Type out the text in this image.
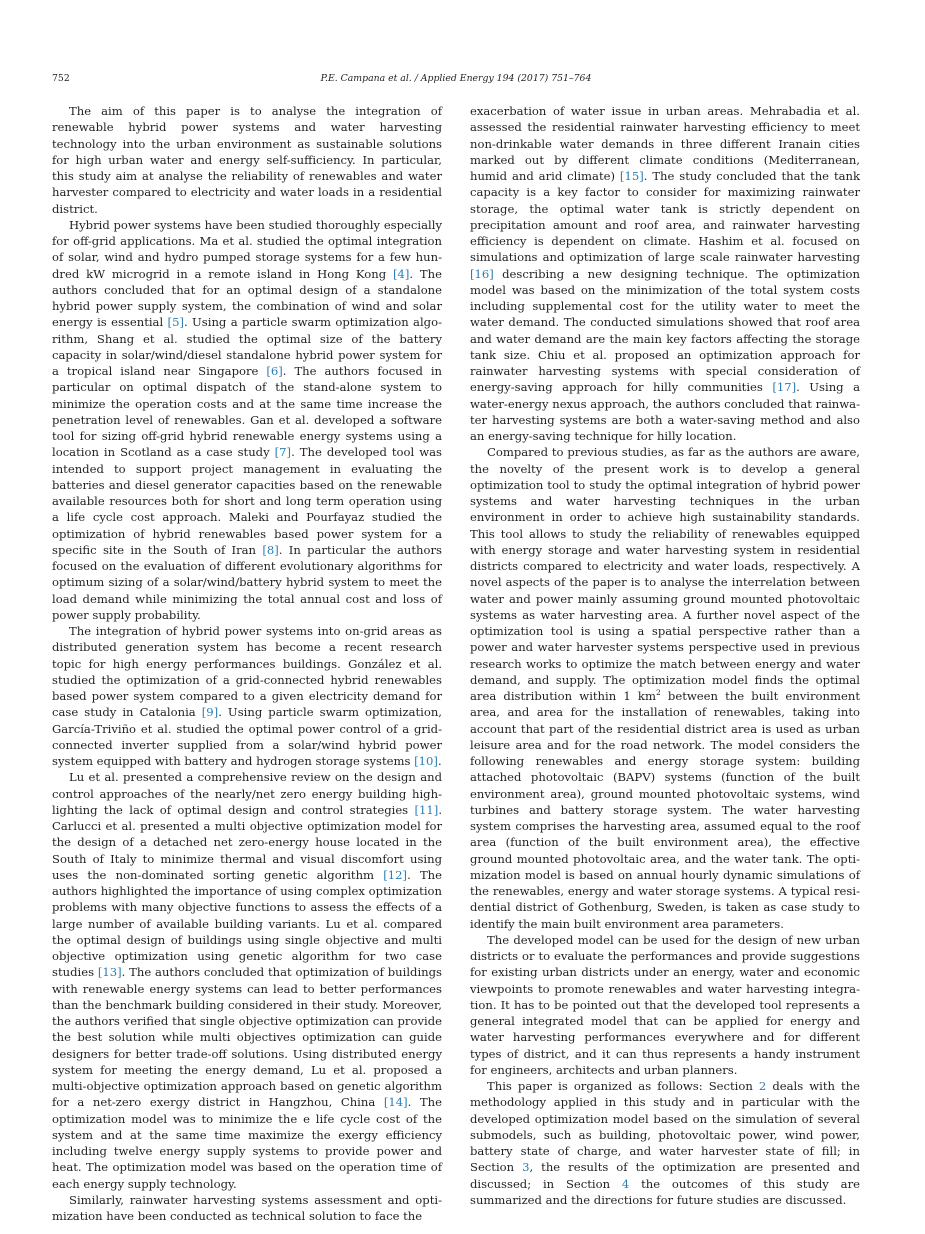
752	P.E. Campana et al. / Applied Energy 194 (2017) 751–764

The aim of this paper is to analyse the integration of renewable hybrid power systems and water harvesting technology into the urban environment as sustainable solutions for high urban water and energy self-sufficiency. In particular, this study aim at analyse the reliability of renewables and water harvester compared to electricity and water loads in a residential district.

Hybrid power systems have been studied thoroughly especially for off-grid applications. Ma et al. studied the optimal integration of solar, wind and hydro pumped storage systems for a few hundred kW microgrid in a remote island in Hong Kong [4]. The authors concluded that for an optimal design of a standalone hybrid power supply system, the combination of wind and solar energy is essential [5]. Using a particle swarm optimization algorithm, Shang et al. studied the optimal size of the battery capacity in solar/wind/diesel standalone hybrid power system for a tropical island near Singapore [6]. The authors focused in particular on optimal dispatch of the stand-alone system to minimize the operation costs and at the same time increase the penetration level of renewables. Gan et al. developed a software tool for sizing off-grid hybrid renewable energy systems using a location in Scotland as a case study [7]. The developed tool was intended to support project management in evaluating the batteries and diesel generator capacities based on the renewable available resources both for short and long term operation using a life cycle cost approach. Maleki and Pourfayaz studied the optimization of hybrid renewables based power system for a specific site in the South of Iran [8]. In particular the authors focused on the evaluation of different evolutionary algorithms for optimum sizing of a solar/wind/battery hybrid system to meet the load demand while minimizing the total annual cost and loss of power supply probability.

The integration of hybrid power systems into on-grid areas as distributed generation system has become a recent research topic for high energy performances buildings. González et al. studied the optimization of a grid-connected hybrid renewables based power system compared to a given electricity demand for case study in Catalonia [9]. Using particle swarm optimization, García-Triviño et al. studied the optimal power control of a grid-connected inverter supplied from a solar/wind hybrid power system equipped with battery and hydrogen storage systems [10].

Lu et al. presented a comprehensive review on the design and control approaches of the nearly/net zero energy building highlighting the lack of optimal design and control strategies [11]. Carlucci et al. presented a multi objective optimization model for the design of a detached net zero-energy house located in the South of Italy to minimize thermal and visual discomfort using uses the non-dominated sorting genetic algorithm [12]. The authors highlighted the importance of using complex optimization problems with many objective functions to assess the effects of a large number of available building variants. Lu et al. compared the optimal design of buildings using single objective and multi objective optimization using genetic algorithm for two case studies [13]. The authors concluded that optimization of buildings with renewable energy systems can lead to better performances than the benchmark building considered in their study. Moreover, the authors verified that single objective optimization can provide the best solution while multi objectives optimization can guide designers for better trade-off solutions. Using distributed energy system for meeting the energy demand, Lu et al. proposed a multi-objective optimization approach based on genetic algorithm for a net-zero exergy district in Hangzhou, China [14]. The optimization model was to minimize the e life cycle cost of the system and at the same time maximize the exergy efficiency including twelve energy supply systems to provide power and heat. The optimization model was based on the operation time of each energy supply technology.

Similarly, rainwater harvesting systems assessment and optimization have been conducted as technical solution to face the

exacerbation of water issue in urban areas. Mehrabadia et al. assessed the residential rainwater harvesting efficiency to meet non-drinkable water demands in three different Iranain cities marked out by different climate conditions (Mediterranean, humid and arid climate) [15]. The study concluded that the tank capacity is a key factor to consider for maximizing rainwater storage, the optimal water tank is strictly dependent on precipitation amount and roof area, and rainwater harvesting efficiency is dependent on climate. Hashim et al. focused on simulations and optimization of large scale rainwater harvesting [16] describing a new designing technique. The optimization model was based on the minimization of the total system costs including supplemental cost for the utility water to meet the water demand. The conducted simulations showed that roof area and water demand are the main key factors affecting the storage tank size. Chiu et al. proposed an optimization approach for rainwater harvesting systems with special consideration of energy-saving approach for hilly communities [17]. Using a water-energy nexus approach, the authors concluded that rainwater harvesting systems are both a water-saving method and also an energy-saving technique for hilly location.

Compared to previous studies, as far as the authors are aware, the novelty of the present work is to develop a general optimization tool to study the optimal integration of hybrid power systems and water harvesting techniques in the urban environment in order to achieve high sustainability standards. This tool allows to study the reliability of renewables equipped with energy storage and water harvesting system in residential districts compared to electricity and water loads, respectively. A novel aspects of the paper is to analyse the interrelation between water and power mainly assuming ground mounted photovoltaic systems as water harvesting area. A further novel aspect of the optimization tool is using a spatial perspective rather than a power and water harvester systems perspective used in previous research works to optimize the match between energy and water demand, and supply. The optimization model finds the optimal area distribution within 1 $km^2$ between the built environment area, and area for the installation of renewables, taking into account that part of the residential district area is used as urban leisure area and for the road network. The model considers the following renewables and energy storage system: building attached photovoltaic (BAPV) systems (function of the built environment area), ground mounted photovoltaic systems, wind turbines and battery storage system. The water harvesting system comprises the harvesting area, assumed equal to the roof area (function of the built environment area), the effective ground mounted photovoltaic area, and the water tank. The optimization model is based on annual hourly dynamic simulations of the renewables, energy and water storage systems. A typical residential district of Gothenburg, Sweden, is taken as case study to identify the main built environment area parameters.

The developed model can be used for the design of new urban districts or to evaluate the performances and provide suggestions for existing urban districts under an energy, water and economic viewpoints to promote renewables and water harvesting integration. It has to be pointed out that the developed tool represents a general integrated model that can be applied for energy and water harvesting performances everywhere and for different types of district, and it can thus represents a handy instrument for engineers, architects and urban planners.

This paper is organized as follows: Section 2 deals with the methodology applied in this study and in particular with the developed optimization model based on the simulation of several submodels, such as building, photovoltaic power, wind power, battery state of charge, and water harvester state of fill; in Section 3, the results of the optimization are presented and discussed; in Section 4 the outcomes of this study are summarized and the directions for future studies are discussed.
